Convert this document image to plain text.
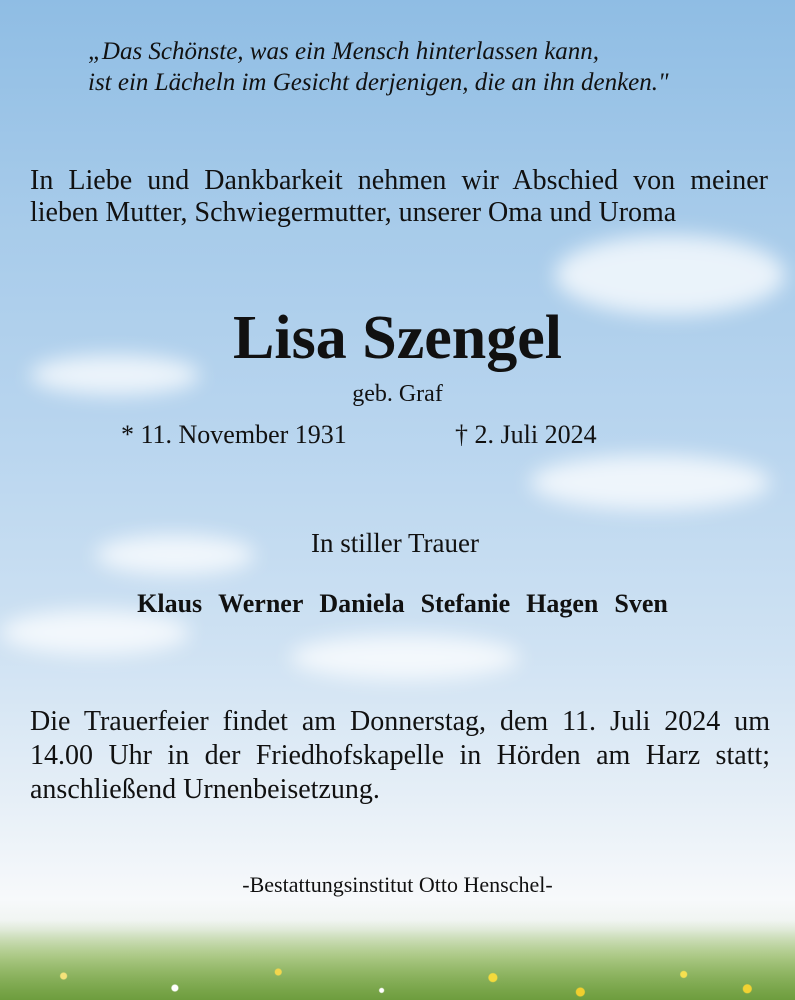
„Das Schönste, was ein Mensch hinterlassen kann,
ist ein Lächeln im Gesicht derjenigen, die an ihn denken."

In Liebe und Dankbarkeit nehmen wir Abschied von meiner lieben Mutter, Schwiegermutter, unserer Oma und Uroma

Lisa Szengel
geb. Graf
* 11. November 1931	† 2. Juli 2024
In stiller Trauer
Klaus Werner Daniela Stefanie Hagen Sven

Die Trauerfeier findet am Donnerstag, dem 11. Juli 2024 um 14.00 Uhr in der Friedhofskapelle in Hörden am Harz statt; anschließend Urnenbeisetzung.

-Bestattungsinstitut Otto Henschel-
